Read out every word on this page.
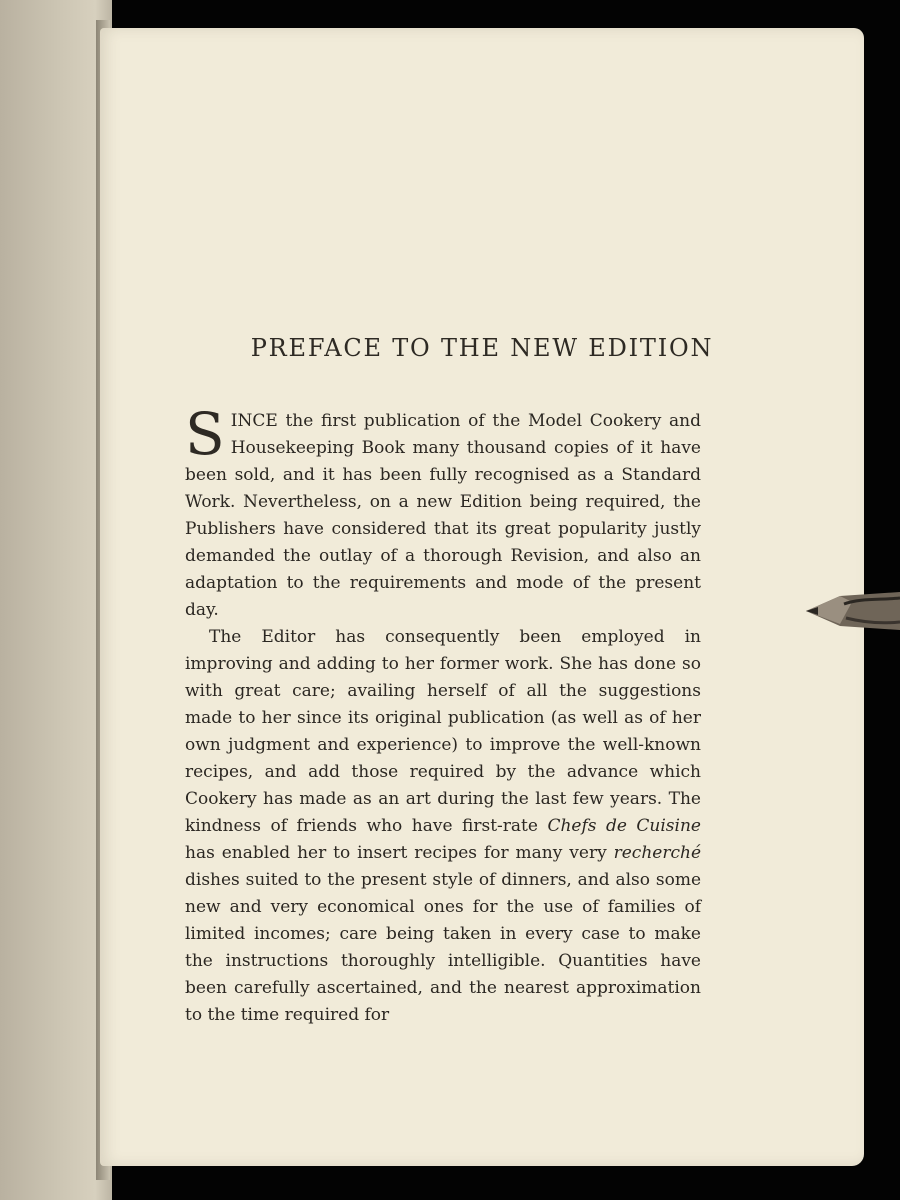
PREFACE TO THE NEW EDITION

SINCE the first publication of the Model Cookery and Housekeeping Book many thousand copies of it have been sold, and it has been fully recognised as a Standard Work. Nevertheless, on a new Edition being required, the Publishers have considered that its great popularity justly demanded the outlay of a thorough Revision, and also an adaptation to the requirements and mode of the present day.

The Editor has consequently been employed in improving and adding to her former work. She has done so with great care; availing herself of all the suggestions made to her since its original publication (as well as of her own judgment and experience) to improve the well-known recipes, and add those required by the advance which Cookery has made as an art during the last few years. The kindness of friends who have first-rate Chefs de Cuisine has enabled her to insert recipes for many very recherché dishes suited to the present style of dinners, and also some new and very economical ones for the use of families of limited incomes; care being taken in every case to make the instructions thoroughly intelligible. Quantities have been carefully ascertained, and the nearest approximation to the time required for
